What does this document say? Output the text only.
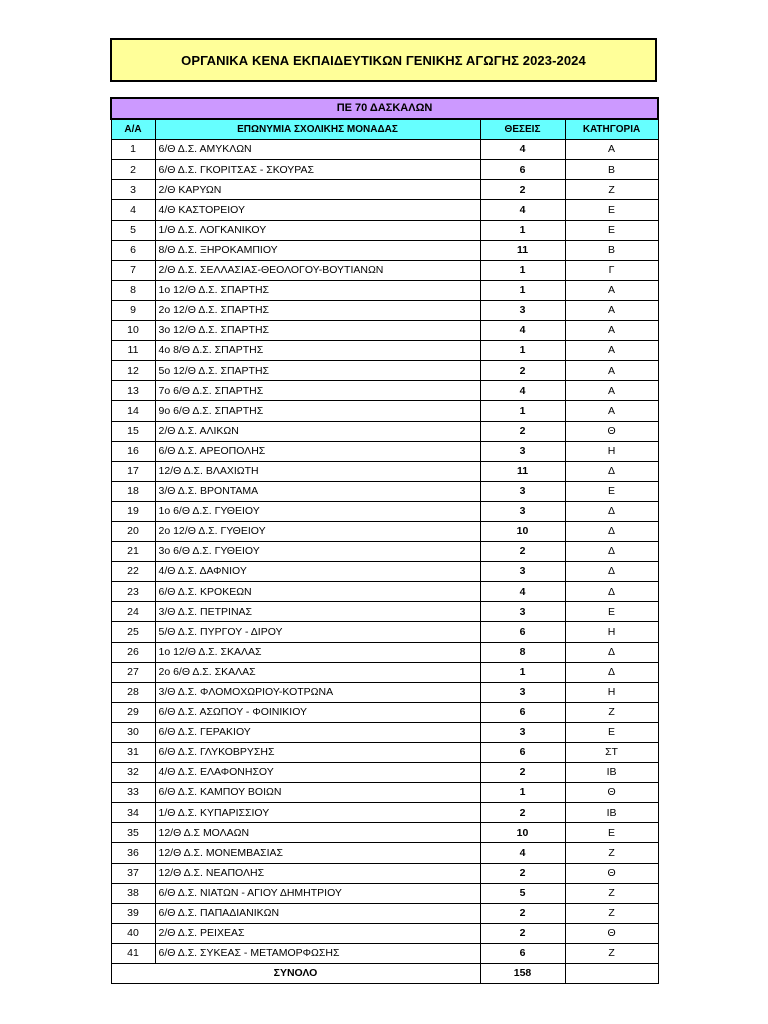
ΟΡΓΑΝΙΚΑ ΚΕΝΑ ΕΚΠΑΙΔΕΥΤΙΚΩΝ ΓΕΝΙΚΗΣ ΑΓΩΓΗΣ 2023-2024
ΠΕ 70 ΔΑΣΚΑΛΩΝ			
Α/Α	ΕΠΩΝΥΜΙΑ ΣΧΟΛΙΚΗΣ ΜΟΝΑΔΑΣ	ΘΕΣΕΙΣ	ΚΑΤΗΓΟΡΙΑ
1	6/Θ Δ.Σ. ΑΜΥΚΛΩΝ	4	Α
2	6/Θ Δ.Σ. ΓΚΟΡΙΤΣΑΣ - ΣΚΟΥΡΑΣ	6	Β
3	2/Θ ΚΑΡΥΩΝ	2	Ζ
4	4/Θ ΚΑΣΤΟΡΕΙΟΥ	4	Ε
5	1/Θ Δ.Σ. ΛΟΓΚΑΝΙΚΟΥ	1	Ε
6	8/Θ Δ.Σ. ΞΗΡΟΚΑΜΠΙΟΥ	11	Β
7	2/Θ Δ.Σ. ΣΕΛΛΑΣΙΑΣ-ΘΕΟΛΟΓΟΥ-ΒΟΥΤΙΑΝΩΝ	1	Γ
8	1ο 12/Θ Δ.Σ. ΣΠΑΡΤΗΣ	1	Α
9	2ο 12/Θ Δ.Σ. ΣΠΑΡΤΗΣ	3	Α
10	3ο 12/Θ Δ.Σ. ΣΠΑΡΤΗΣ	4	Α
11	4ο 8/Θ Δ.Σ. ΣΠΑΡΤΗΣ	1	Α
12	5ο 12/Θ Δ.Σ. ΣΠΑΡΤΗΣ	2	Α
13	7ο 6/Θ Δ.Σ. ΣΠΑΡΤΗΣ	4	Α
14	9ο 6/Θ Δ.Σ. ΣΠΑΡΤΗΣ	1	Α
15	2/Θ Δ.Σ. ΑΛΙΚΩΝ	2	Θ
16	6/Θ Δ.Σ. ΑΡΕΟΠΟΛΗΣ	3	Η
17	12/Θ Δ.Σ. ΒΛΑΧΙΩΤΗ	11	Δ
18	3/Θ Δ.Σ. ΒΡΟΝΤΑΜΑ	3	Ε
19	1ο 6/Θ Δ.Σ. ΓΥΘΕΙΟΥ	3	Δ
20	2ο 12/Θ Δ.Σ. ΓΥΘΕΙΟΥ	10	Δ
21	3ο 6/Θ Δ.Σ. ΓΥΘΕΙΟΥ	2	Δ
22	4/Θ Δ.Σ. ΔΑΦΝΙΟΥ	3	Δ
23	6/Θ Δ.Σ. ΚΡΟΚΕΩΝ	4	Δ
24	3/Θ Δ.Σ. ΠΕΤΡΙΝΑΣ	3	Ε
25	5/Θ Δ.Σ. ΠΥΡΓΟΥ - ΔΙΡΟΥ	6	Η
26	1ο 12/Θ Δ.Σ. ΣΚΑΛΑΣ	8	Δ
27	2ο 6/Θ Δ.Σ. ΣΚΑΛΑΣ	1	Δ
28	3/Θ Δ.Σ. ΦΛΟΜΟΧΩΡΙΟΥ-ΚΟΤΡΩΝΑ	3	Η
29	6/Θ Δ.Σ. ΑΣΩΠΟΥ - ΦΟΙΝΙΚΙΟΥ	6	Ζ
30	6/Θ Δ.Σ. ΓΕΡΑΚΙΟΥ	3	Ε
31	6/Θ Δ.Σ. ΓΛΥΚΟΒΡΥΣΗΣ	6	ΣΤ
32	4/Θ Δ.Σ. ΕΛΑΦΟΝΗΣΟΥ	2	ΙΒ
33	6/Θ Δ.Σ. ΚΑΜΠΟΥ ΒΟΙΩΝ	1	Θ
34	1/Θ Δ.Σ. ΚΥΠΑΡΙΣΣΙΟΥ	2	ΙΒ
35	12/Θ Δ.Σ ΜΟΛΑΩΝ	10	Ε
36	12/Θ Δ.Σ. ΜΟΝΕΜΒΑΣΙΑΣ	4	Ζ
37	12/Θ Δ.Σ. ΝΕΑΠΟΛΗΣ	2	Θ
38	6/Θ Δ.Σ. ΝΙΑΤΩΝ - ΑΓΙΟΥ ΔΗΜΗΤΡΙΟΥ	5	Ζ
39	6/Θ Δ.Σ. ΠΑΠΑΔΙΑΝΙΚΩΝ	2	Ζ
40	2/Θ Δ.Σ. ΡΕΙΧΕΑΣ	2	Θ
41	6/Θ Δ.Σ. ΣΥΚΕΑΣ - ΜΕΤΑΜΟΡΦΩΣΗΣ	6	Ζ
ΣΥΝΟΛΟ		158	
